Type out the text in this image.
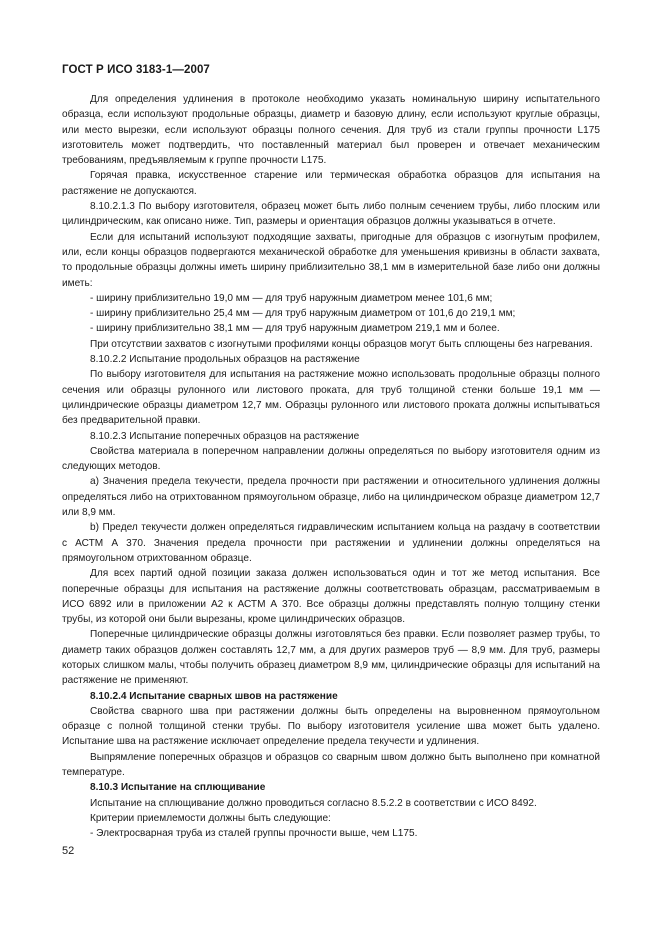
ГОСТ Р ИСО 3183-1—2007

Для определения удлинения в протоколе необходимо указать номинальную ширину испытательного образца, если используют продольные образцы, диаметр и базовую длину, если используют круглые образцы, или место вырезки, если используют образцы полного сечения. Для труб из стали группы прочности L175 изготовитель может подтвердить, что поставленный материал был проверен и отвечает механическим требованиям, предъявляемым к группе прочности L175.

Горячая правка, искусственное старение или термическая обработка образцов для испытания на растяжение не допускаются.

8.10.2.1.3 По выбору изготовителя, образец может быть либо полным сечением трубы, либо плоским или цилиндрическим, как описано ниже. Тип, размеры и ориентация образцов должны указываться в отчете.

Если для испытаний используют подходящие захваты, пригодные для образцов с изогнутым профилем, или, если концы образцов подвергаются механической обработке для уменьшения кривизны в области захвата, то продольные образцы должны иметь ширину приблизительно 38,1 мм в измерительной базе либо они должны иметь:

- ширину приблизительно 19,0 мм — для труб наружным диаметром менее 101,6 мм;

- ширину приблизительно 25,4 мм — для труб наружным диаметром от 101,6 до 219,1 мм;

- ширину приблизительно 38,1 мм — для труб наружным диаметром 219,1 мм и более.

При отсутствии захватов с изогнутыми профилями концы образцов могут быть сплющены без нагревания.

8.10.2.2 Испытание продольных образцов на растяжение

По выбору изготовителя для испытания на растяжение можно использовать продольные образцы полного сечения или образцы рулонного или листового проката, для труб толщиной стенки больше 19,1 мм — цилиндрические образцы диаметром 12,7 мм. Образцы рулонного или листового проката должны испытываться без предварительной правки.

8.10.2.3 Испытание поперечных образцов на растяжение

Свойства материала в поперечном направлении должны определяться по выбору изготовителя одним из следующих методов.

a) Значения предела текучести, предела прочности при растяжении и относительного удлинения должны определяться либо на отрихтованном прямоугольном образце, либо на цилиндрическом образце диаметром 12,7 или 8,9 мм.

b) Предел текучести должен определяться гидравлическим испытанием кольца на раздачу в соответствии с АСТМ А 370. Значения предела прочности при растяжении и удлинении должны определяться на прямоугольном отрихтованном образце.

Для всех партий одной позиции заказа должен использоваться один и тот же метод испытания. Все поперечные образцы для испытания на растяжение должны соответствовать образцам, рассматриваемым в ИСО 6892 или в приложении А2 к АСТМ А 370. Все образцы должны представлять полную толщину стенки трубы, из которой они были вырезаны, кроме цилиндрических образцов.

Поперечные цилиндрические образцы должны изготовляться без правки. Если позволяет размер трубы, то диаметр таких образцов должен составлять 12,7 мм, а для других размеров труб — 8,9 мм. Для труб, размеры которых слишком малы, чтобы получить образец диаметром 8,9 мм, цилиндрические образцы для испытаний на растяжение не применяют.

8.10.2.4 Испытание сварных швов на растяжение

Свойства сварного шва при растяжении должны быть определены на выровненном прямоугольном образце с полной толщиной стенки трубы. По выбору изготовителя усиление шва может быть удалено. Испытание шва на растяжение исключает определение предела текучести и удлинения.

Выпрямление поперечных образцов и образцов со сварным швом должно быть выполнено при комнатной температуре.

8.10.3 Испытание на сплющивание

Испытание на сплющивание должно проводиться согласно 8.5.2.2 в соответствии с ИСО 8492.

Критерии приемлемости должны быть следующие:

- Электросварная труба из сталей группы прочности выше, чем L175.

52
